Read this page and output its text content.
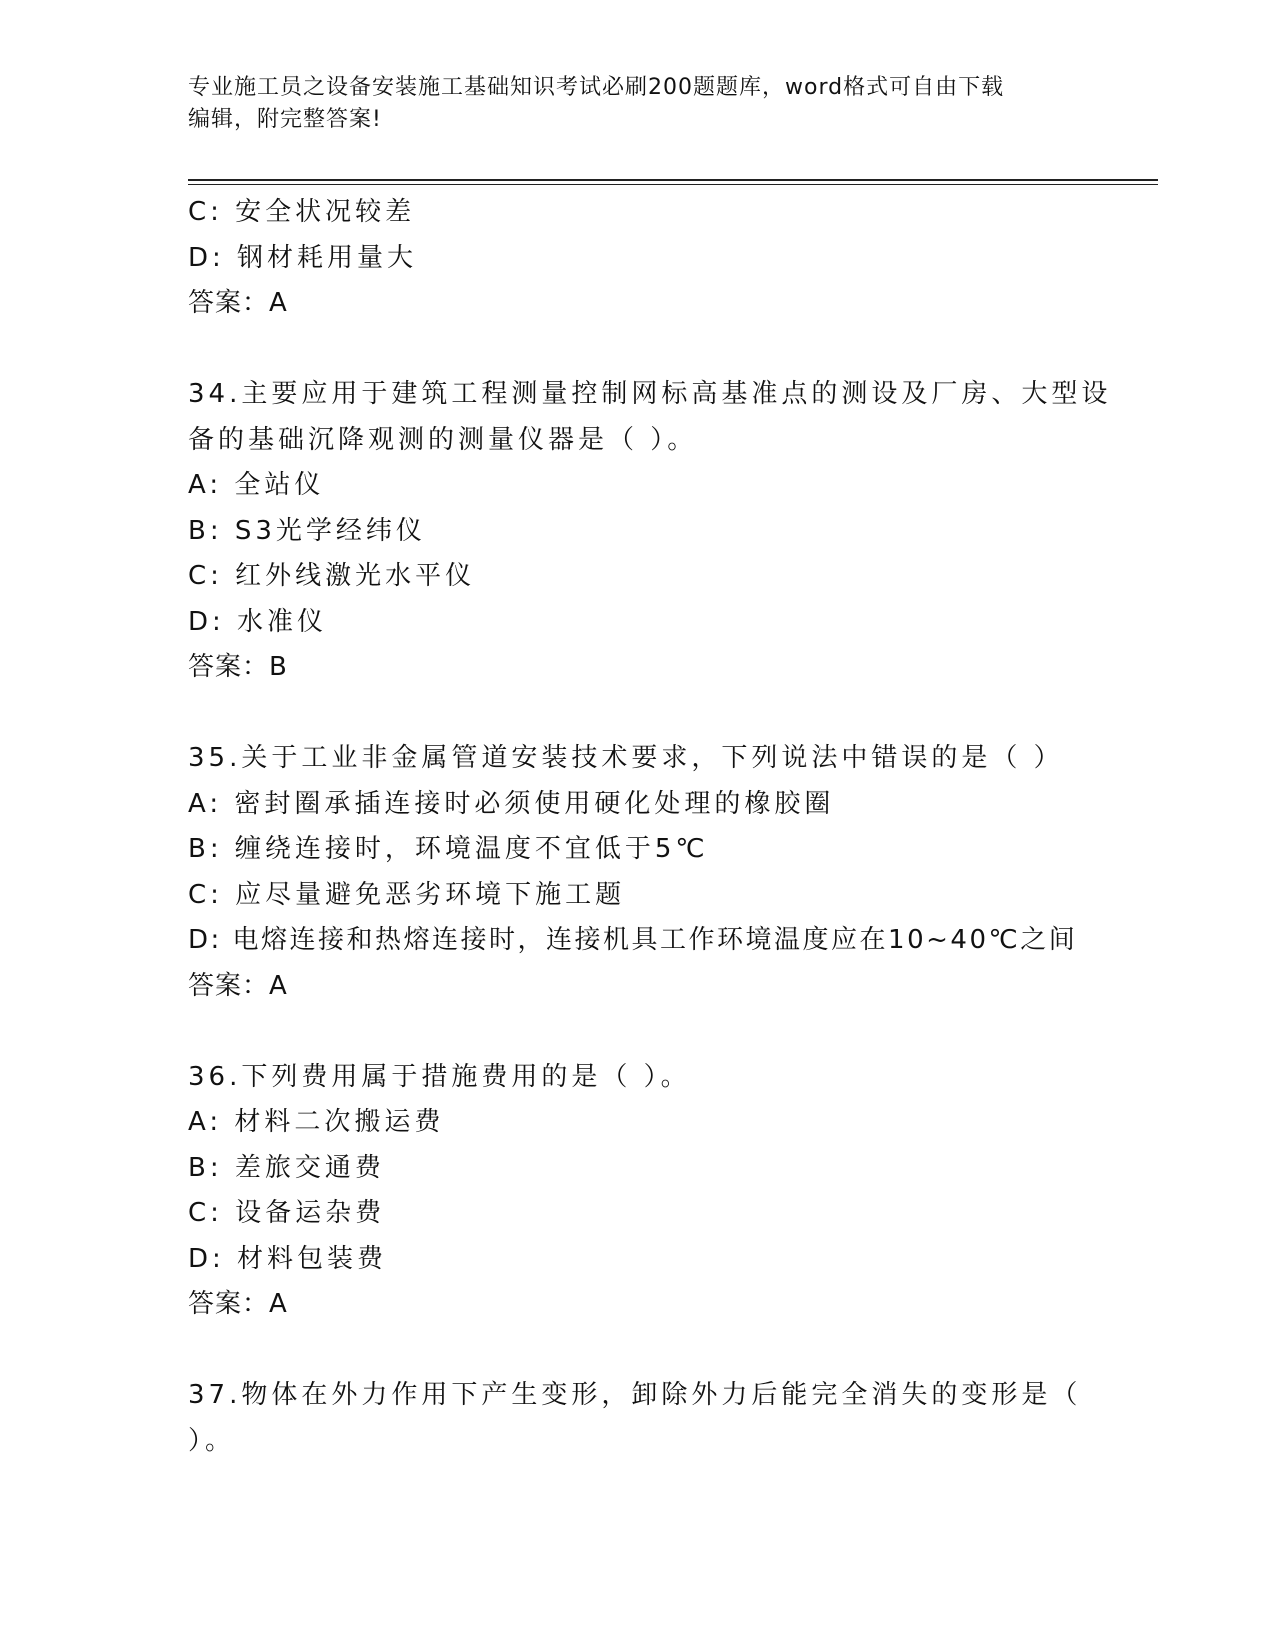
专业施工员之设备安装施工基础知识考试必刷200题题库，word格式可自由下载
编辑，附完整答案!
C: 安全状况较差
D: 钢材耗用量大
答案：A
34.主要应用于建筑工程测量控制网标高基准点的测设及厂房、大型设
备的基础沉降观测的测量仪器是（ ）。
A: 全站仪
B: S3光学经纬仪
C: 红外线激光水平仪
D: 水准仪
答案：B
35.关于工业非金属管道安装技术要求，下列说法中错误的是（ ）
A: 密封圈承插连接时必须使用硬化处理的橡胶圈
B: 缠绕连接时，环境温度不宜低于5℃
C: 应尽量避免恶劣环境下施工题
D: 电熔连接和热熔连接时，连接机具工作环境温度应在10~40℃之间
答案：A
36.下列费用属于措施费用的是（ ）。
A: 材料二次搬运费
B: 差旅交通费
C: 设备运杂费
D: 材料包装费
答案：A
37.物体在外力作用下产生变形，卸除外力后能完全消失的变形是（
）。
